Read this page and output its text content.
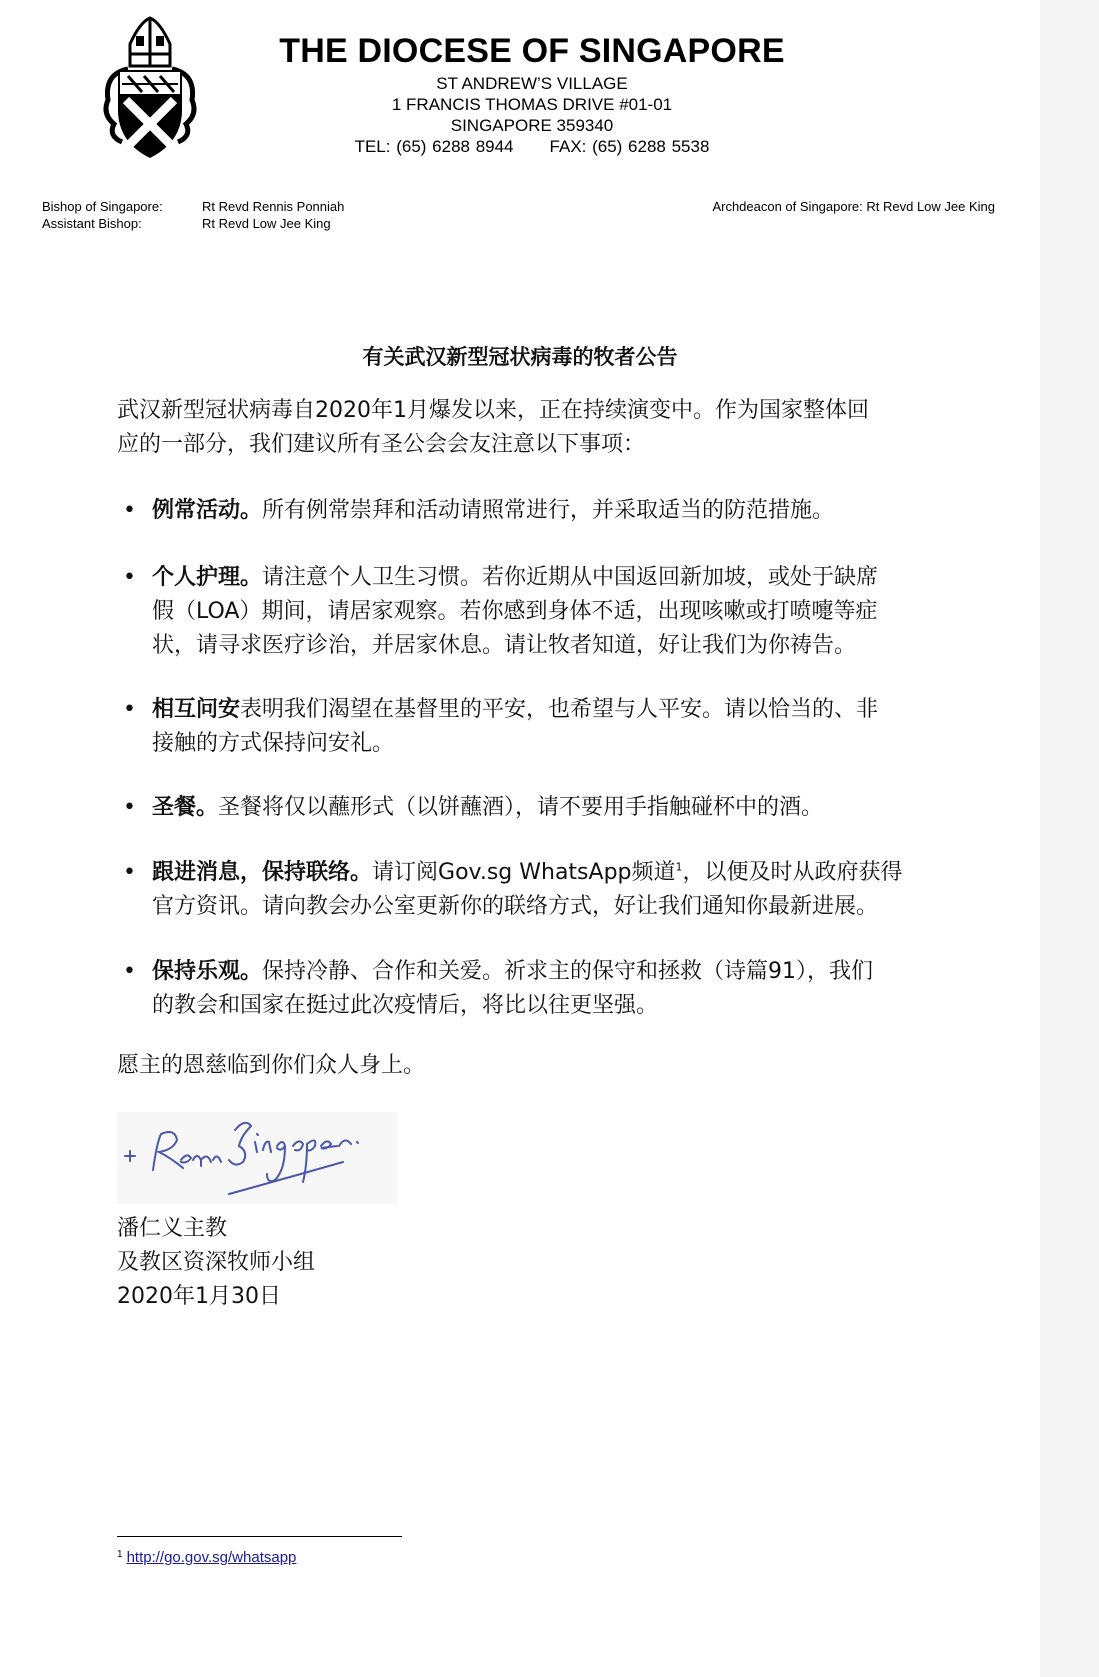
THE DIOCESE OF SINGAPORE
ST ANDREW’S VILLAGE
1 FRANCIS THOMAS DRIVE #01-01
SINGAPORE 359340
TEL: (65) 6288 8944 FAX: (65) 6288 5538
Bishop of Singapore:	Rt Revd Rennis Ponniah
Assistant Bishop:	Rt Revd Low Jee King
Archdeacon of Singapore: Rt Revd Low Jee King
有关武汉新型冠状病毒的牧者公告
武汉新型冠状病毒自2020年1月爆发以来，正在持续演变中。作为国家整体回
应的一部分，我们建议所有圣公会会友注意以下事项：
• 例常活动。所有例常崇拜和活动请照常进行，并采取适当的防范措施。
• 个人护理。请注意个人卫生习惯。若你近期从中国返回新加坡，或处于缺席
假（LOA）期间，请居家观察。若你感到身体不适，出现咳嗽或打喷嚏等症
状，请寻求医疗诊治，并居家休息。请让牧者知道，好让我们为你祷告。
• 相互问安表明我们渴望在基督里的平安，也希望与人平安。请以恰当的、非
接触的方式保持问安礼。
• 圣餐。圣餐将仅以蘸形式（以饼蘸酒），请不要用手指触碰杯中的酒。
• 跟进消息，保持联络。请订阅Gov.sg WhatsApp频道$^1$，以便及时从政府获得
官方资讯。请向教会办公室更新你的联络方式，好让我们通知你最新进展。
• 保持乐观。保持冷静、合作和关爱。祈求主的保守和拯救（诗篇91），我们
的教会和国家在挺过此次疫情后，将比以往更坚强。
愿主的恩慈临到你们众人身上。
潘仁义主教
及教区资深牧师小组
2020年1月30日
$^1$ http://go.gov.sg/whatsapp
